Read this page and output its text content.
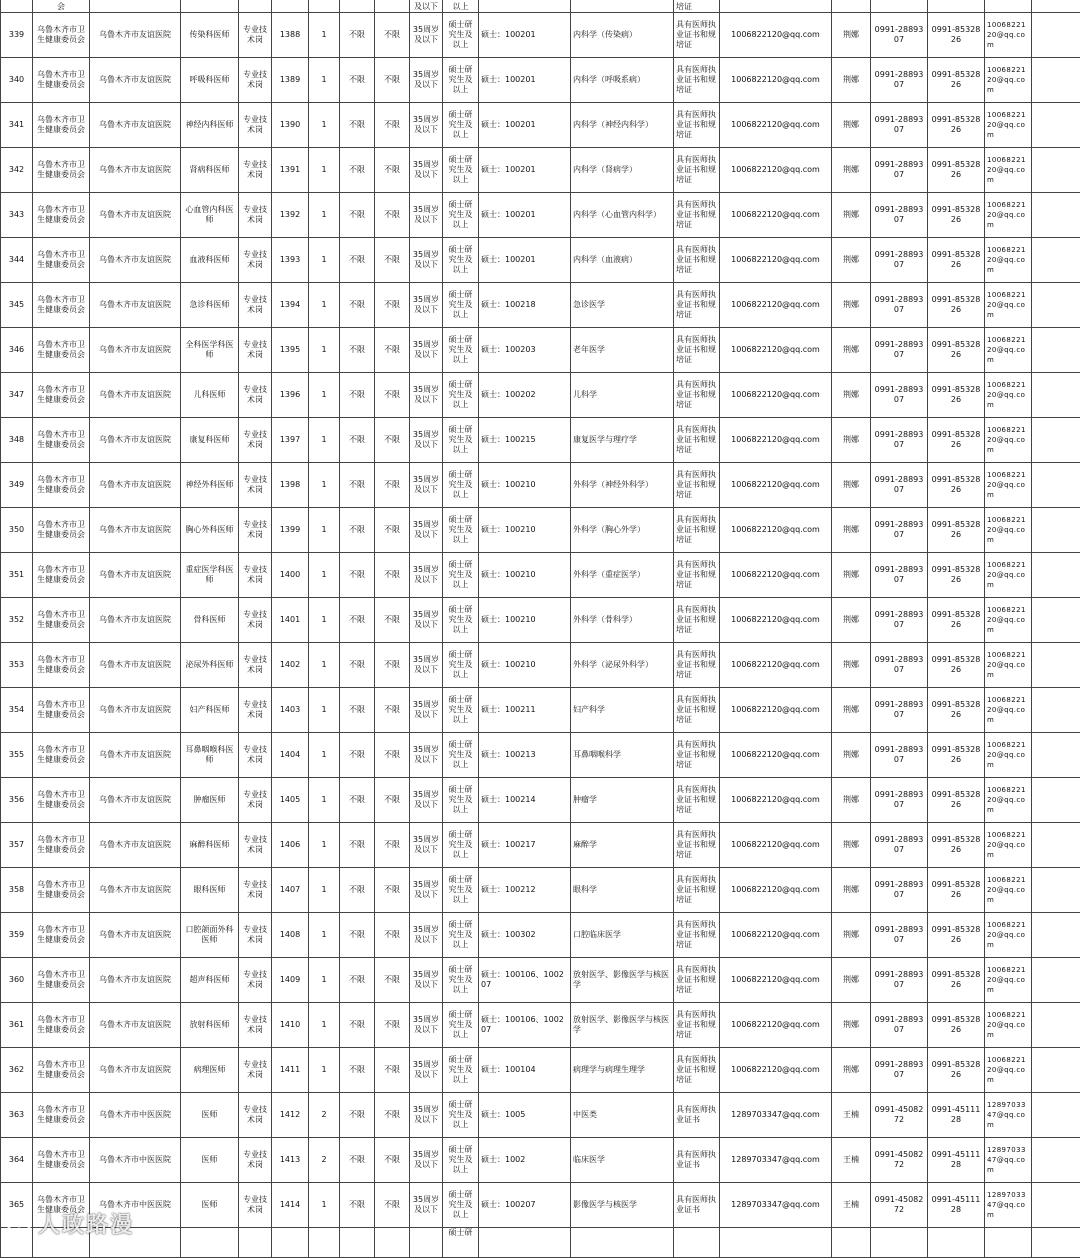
	会								及以下	以上			培证						
339	乌鲁木齐市卫生健康委员会	乌鲁木齐市友谊医院	传染科医师	专业技术岗	1388	1	不限	不限	35周岁及以下	硕士研究生及以上	硕士：100201	内科学（传染病）	具有医师执业证书和规培证	1006822120@qq.com	荆娜	0991-2889307	0991-8532826	1006822120@qq.com	
340	乌鲁木齐市卫生健康委员会	乌鲁木齐市友谊医院	呼吸科医师	专业技术岗	1389	1	不限	不限	35周岁及以下	硕士研究生及以上	硕士：100201	内科学（呼吸系病）	具有医师执业证书和规培证	1006822120@qq.com	荆娜	0991-2889307	0991-8532826	1006822120@qq.com	
341	乌鲁木齐市卫生健康委员会	乌鲁木齐市友谊医院	神经内科医师	专业技术岗	1390	1	不限	不限	35周岁及以下	硕士研究生及以上	硕士：100201	内科学（神经内科学）	具有医师执业证书和规培证	1006822120@qq.com	荆娜	0991-2889307	0991-8532826	1006822120@qq.com	
342	乌鲁木齐市卫生健康委员会	乌鲁木齐市友谊医院	肾病科医师	专业技术岗	1391	1	不限	不限	35周岁及以下	硕士研究生及以上	硕士：100201	内科学（肾病学）	具有医师执业证书和规培证	1006822120@qq.com	荆娜	0991-2889307	0991-8532826	1006822120@qq.com	
343	乌鲁木齐市卫生健康委员会	乌鲁木齐市友谊医院	心血管内科医师	专业技术岗	1392	1	不限	不限	35周岁及以下	硕士研究生及以上	硕士：100201	内科学（心血管内科学）	具有医师执业证书和规培证	1006822120@qq.com	荆娜	0991-2889307	0991-8532826	1006822120@qq.com	
344	乌鲁木齐市卫生健康委员会	乌鲁木齐市友谊医院	血液科医师	专业技术岗	1393	1	不限	不限	35周岁及以下	硕士研究生及以上	硕士：100201	内科学（血液病）	具有医师执业证书和规培证	1006822120@qq.com	荆娜	0991-2889307	0991-8532826	1006822120@qq.com	
345	乌鲁木齐市卫生健康委员会	乌鲁木齐市友谊医院	急诊科医师	专业技术岗	1394	1	不限	不限	35周岁及以下	硕士研究生及以上	硕士：100218	急诊医学	具有医师执业证书和规培证	1006822120@qq.com	荆娜	0991-2889307	0991-8532826	1006822120@qq.com	
346	乌鲁木齐市卫生健康委员会	乌鲁木齐市友谊医院	全科医学科医师	专业技术岗	1395	1	不限	不限	35周岁及以下	硕士研究生及以上	硕士：100203	老年医学	具有医师执业证书和规培证	1006822120@qq.com	荆娜	0991-2889307	0991-8532826	1006822120@qq.com	
347	乌鲁木齐市卫生健康委员会	乌鲁木齐市友谊医院	儿科医师	专业技术岗	1396	1	不限	不限	35周岁及以下	硕士研究生及以上	硕士：100202	儿科学	具有医师执业证书和规培证	1006822120@qq.com	荆娜	0991-2889307	0991-8532826	1006822120@qq.com	
348	乌鲁木齐市卫生健康委员会	乌鲁木齐市友谊医院	康复科医师	专业技术岗	1397	1	不限	不限	35周岁及以下	硕士研究生及以上	硕士：100215	康复医学与理疗学	具有医师执业证书和规培证	1006822120@qq.com	荆娜	0991-2889307	0991-8532826	1006822120@qq.com	
349	乌鲁木齐市卫生健康委员会	乌鲁木齐市友谊医院	神经外科医师	专业技术岗	1398	1	不限	不限	35周岁及以下	硕士研究生及以上	硕士：100210	外科学（神经外科学）	具有医师执业证书和规培证	1006822120@qq.com	荆娜	0991-2889307	0991-8532826	1006822120@qq.com	
350	乌鲁木齐市卫生健康委员会	乌鲁木齐市友谊医院	胸心外科医师	专业技术岗	1399	1	不限	不限	35周岁及以下	硕士研究生及以上	硕士：100210	外科学（胸心外学）	具有医师执业证书和规培证	1006822120@qq.com	荆娜	0991-2889307	0991-8532826	1006822120@qq.com	
351	乌鲁木齐市卫生健康委员会	乌鲁木齐市友谊医院	重症医学科医师	专业技术岗	1400	1	不限	不限	35周岁及以下	硕士研究生及以上	硕士：100210	外科学（重症医学）	具有医师执业证书和规培证	1006822120@qq.com	荆娜	0991-2889307	0991-8532826	1006822120@qq.com	
352	乌鲁木齐市卫生健康委员会	乌鲁木齐市友谊医院	骨科医师	专业技术岗	1401	1	不限	不限	35周岁及以下	硕士研究生及以上	硕士：100210	外科学（骨科学）	具有医师执业证书和规培证	1006822120@qq.com	荆娜	0991-2889307	0991-8532826	1006822120@qq.com	
353	乌鲁木齐市卫生健康委员会	乌鲁木齐市友谊医院	泌尿外科医师	专业技术岗	1402	1	不限	不限	35周岁及以下	硕士研究生及以上	硕士：100210	外科学（泌尿外科学）	具有医师执业证书和规培证	1006822120@qq.com	荆娜	0991-2889307	0991-8532826	1006822120@qq.com	
354	乌鲁木齐市卫生健康委员会	乌鲁木齐市友谊医院	妇产科医师	专业技术岗	1403	1	不限	不限	35周岁及以下	硕士研究生及以上	硕士：100211	妇产科学	具有医师执业证书和规培证	1006822120@qq.com	荆娜	0991-2889307	0991-8532826	1006822120@qq.com	
355	乌鲁木齐市卫生健康委员会	乌鲁木齐市友谊医院	耳鼻咽喉科医师	专业技术岗	1404	1	不限	不限	35周岁及以下	硕士研究生及以上	硕士：100213	耳鼻咽喉科学	具有医师执业证书和规培证	1006822120@qq.com	荆娜	0991-2889307	0991-8532826	1006822120@qq.com	
356	乌鲁木齐市卫生健康委员会	乌鲁木齐市友谊医院	肿瘤医师	专业技术岗	1405	1	不限	不限	35周岁及以下	硕士研究生及以上	硕士：100214	肿瘤学	具有医师执业证书和规培证	1006822120@qq.com	荆娜	0991-2889307	0991-8532826	1006822120@qq.com	
357	乌鲁木齐市卫生健康委员会	乌鲁木齐市友谊医院	麻醉科医师	专业技术岗	1406	1	不限	不限	35周岁及以下	硕士研究生及以上	硕士：100217	麻醉学	具有医师执业证书和规培证	1006822120@qq.com	荆娜	0991-2889307	0991-8532826	1006822120@qq.com	
358	乌鲁木齐市卫生健康委员会	乌鲁木齐市友谊医院	眼科医师	专业技术岗	1407	1	不限	不限	35周岁及以下	硕士研究生及以上	硕士：100212	眼科学	具有医师执业证书和规培证	1006822120@qq.com	荆娜	0991-2889307	0991-8532826	1006822120@qq.com	
359	乌鲁木齐市卫生健康委员会	乌鲁木齐市友谊医院	口腔颌面外科医师	专业技术岗	1408	1	不限	不限	35周岁及以下	硕士研究生及以上	硕士：100302	口腔临床医学	具有医师执业证书和规培证	1006822120@qq.com	荆娜	0991-2889307	0991-8532826	1006822120@qq.com	
360	乌鲁木齐市卫生健康委员会	乌鲁木齐市友谊医院	超声科医师	专业技术岗	1409	1	不限	不限	35周岁及以下	硕士研究生及以上	硕士：100106、100207	放射医学、影像医学与核医学	具有医师执业证书和规培证	1006822120@qq.com	荆娜	0991-2889307	0991-8532826	1006822120@qq.com	
361	乌鲁木齐市卫生健康委员会	乌鲁木齐市友谊医院	放射科医师	专业技术岗	1410	1	不限	不限	35周岁及以下	硕士研究生及以上	硕士：100106、100207	放射医学、影像医学与核医学	具有医师执业证书和规培证	1006822120@qq.com	荆娜	0991-2889307	0991-8532826	1006822120@qq.com	
362	乌鲁木齐市卫生健康委员会	乌鲁木齐市友谊医院	病理医师	专业技术岗	1411	1	不限	不限	35周岁及以下	硕士研究生及以上	硕士：100104	病理学与病理生理学	具有医师执业证书和规培证	1006822120@qq.com	荆娜	0991-2889307	0991-8532826	1006822120@qq.com	
363	乌鲁木齐市卫生健康委员会	乌鲁木齐市中医医院	医师	专业技术岗	1412	2	不限	不限	35周岁及以下	硕士研究生及以上	硕士：1005	中医类	具有医师执业证书	1289703347@qq.com	王楠	0991-4508272	0991-4511128	1289703347@qq.com	
364	乌鲁木齐市卫生健康委员会	乌鲁木齐市中医医院	医师	专业技术岗	1413	2	不限	不限	35周岁及以下	硕士研究生及以上	硕士：1002	临床医学	具有医师执业证书	1289703347@qq.com	王楠	0991-4508272	0991-4511128	1289703347@qq.com	
365	乌鲁木齐市卫生健康委员会	乌鲁木齐市中医医院	医师	专业技术岗	1414	1	不限	不限	35周岁及以下	硕士研究生及以上	硕士：100207	影像医学与核医学	具有医师执业证书	1289703347@qq.com	王楠	0991-4508272	0991-4511128	1289703347@qq.com	
										硕士研									
人政路漫
